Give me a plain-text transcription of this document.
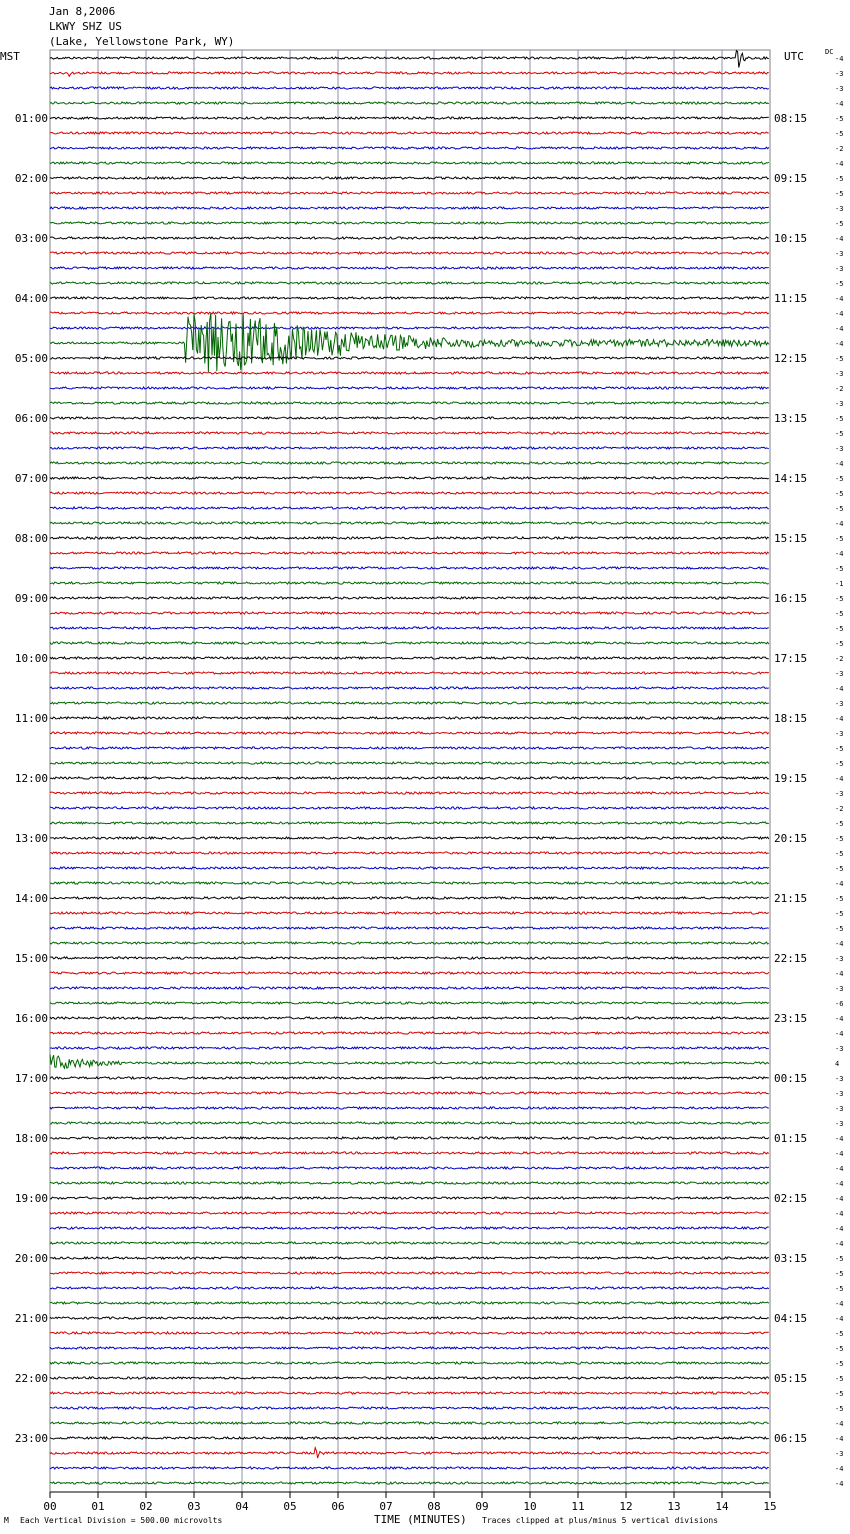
Jan 8,2006
LKWY SHZ US
(Lake, Yellowstone Park, WY)
MST	UTC	DC
-4
-3
-3
-4
-5
-5
-2
-4
-5
-5
-3
-5
-4
-3
-3
-5
-4
-4
-4
-4
-5
-3
-2
-3
-5
-5
-3
-4
-5
-5
-5
-4
-5
-4
-5
-1
-5
-5
-5
-5
-2
-3
-4
-3
-4
-3
-5
-5
-4
-3
-2
-5
-5
-5
-5
-4
-5
-5
-5
-4
-3
-4
-3
-6
-4
-4
-3
4
-3
-3
-3
-3
-4
-4
-4
-4
-4
-4
-4
-4
-5
-5
-5
-4
-4
-5
-5
-5
-5
-5
-5
-4
-4
-3
-4
-4
01:00	08:15
02:00	09:15
03:00	10:15
04:00	11:15
05:00	12:15
06:00	13:15
07:00	14:15
08:00	15:15
09:00	16:15
10:00	17:15
11:00	18:15
12:00	19:15
13:00	20:15
14:00	21:15
15:00	22:15
16:00	23:15
17:00	00:15
18:00	01:15
19:00	02:15
20:00	03:15
21:00	04:15
22:00	05:15
23:00	06:15
00	01	02	03	04	05	06	07	08	09	10	11	12	13	14	15
M Each Vertical Division = 500.00 microvolts	TIME (MINUTES) Traces clipped at plus/minus 5 vertical divisions
